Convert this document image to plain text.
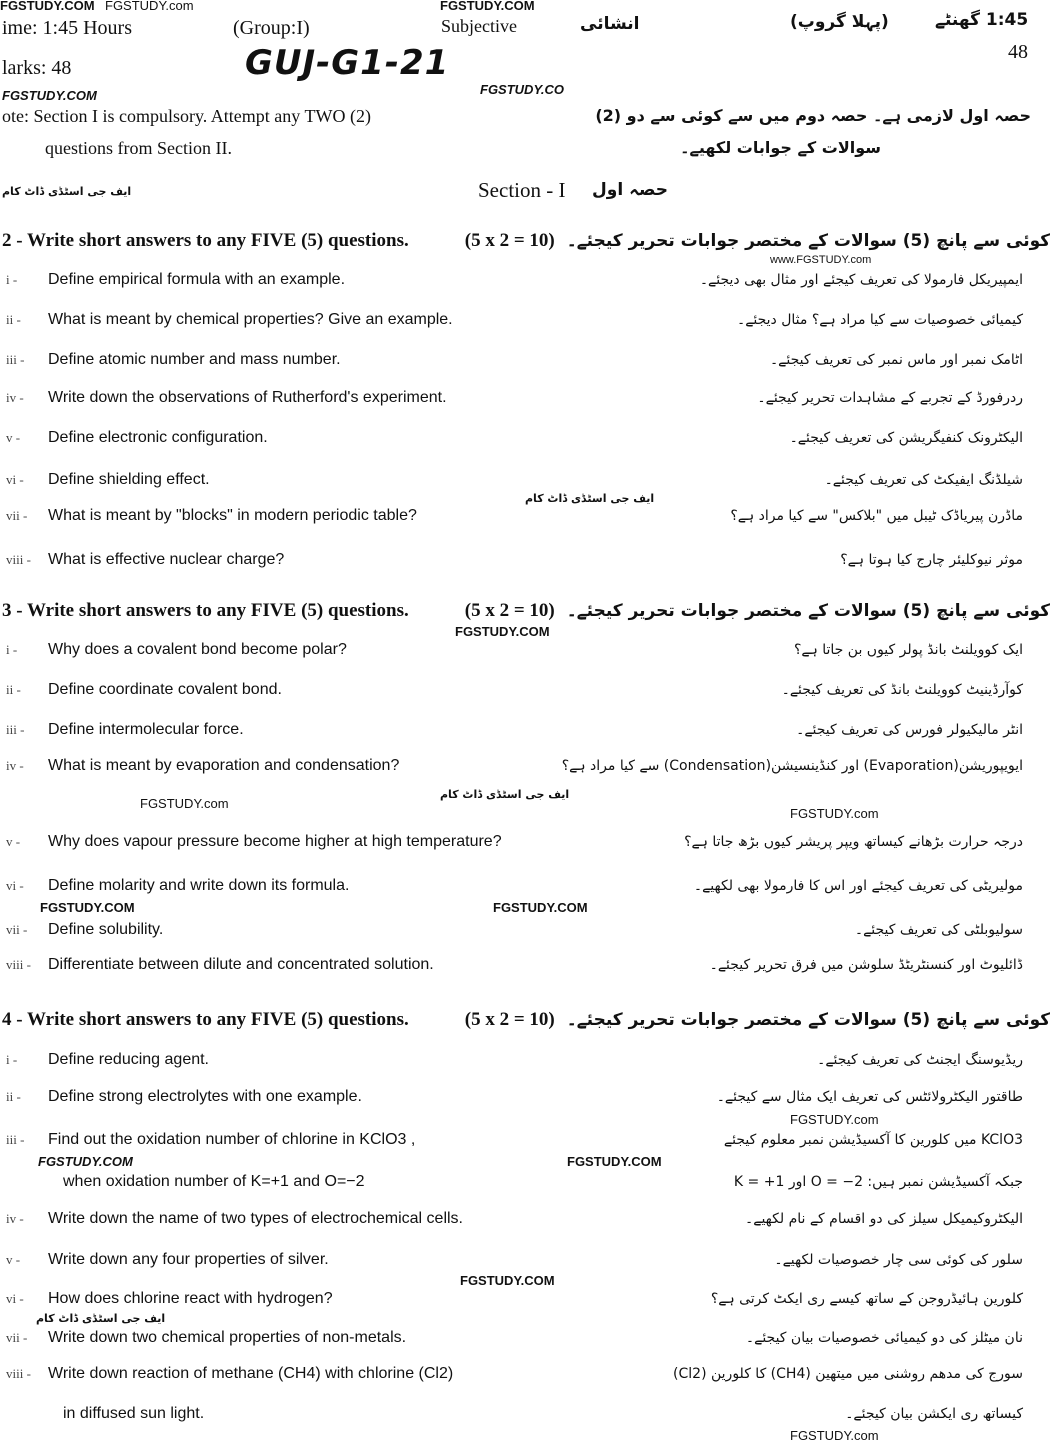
FGSTUDY.COM FGSTUDY.com	FGSTUDY.COM
FGSTUDY.COM	FGSTUDY.CO
www.FGSTUDY.com
FGSTUDY.COM
FGSTUDY.com
FGSTUDY.com
FGSTUDY.COM	FGSTUDY.COM
FGSTUDY.com
FGSTUDY.COM	FGSTUDY.COM
FGSTUDY.COM
FGSTUDY.com
ایف جی اسٹڈی ڈاٹ کام
ایف جی اسٹڈی ڈاٹ کام
ایف جی اسٹڈی ڈاٹ کام
ایف جی اسٹڈی ڈاٹ کام
ime: 1:45 Hours	(Group:I)	Subjective	انشائی	(پہلا گروپ)	1:45 گھنٹے
48
larks: 48	GUJ-G1-21
ote: Section I is compulsory. Attempt any TWO (2)	حصہ اول لازمی ہے۔ حصہ دوم میں سے کوئی سے دو (2)
questions from Section II.	سوالات کے جوابات لکھیے۔
Section - I حصہ اول
2 - Write short answers to any FIVE (5) questions.	(5 x 2 = 10) کوئی سے پانچ (5) سوالات کے مختصر جوابات تحریر کیجئے۔
i -	Define empirical formula with an example.	ایمپیریکل فارمولا کی تعریف کیجئے اور مثال بھی دیجئے۔
ii -	What is meant by chemical properties? Give an example.	کیمیائی خصوصیات سے کیا مراد ہے؟ مثال دیجئے۔
iii -	Define atomic number and mass number.	اٹامک نمبر اور ماس نمبر کی تعریف کیجئے۔
iv -	Write down the observations of Rutherford's experiment.	ردرفورڈ کے تجربے کے مشاہدات تحریر کیجئے۔
v -	Define electronic configuration.	الیکٹرونک کنفیگریشن کی تعریف کیجئے۔
vi -	Define shielding effect.	شیلڈنگ ایفیکٹ کی تعریف کیجئے۔
vii -	What is meant by "blocks" in modern periodic table?	ماڈرن پیریاڈک ٹیبل میں "بلاکس" سے کیا مراد ہے؟
viii -	What is effective nuclear charge?	موثر نیوکلیئر چارج کیا ہوتا ہے؟
3 - Write short answers to any FIVE (5) questions.	(5 x 2 = 10) کوئی سے پانچ (5) سوالات کے مختصر جوابات تحریر کیجئے۔
i -	Why does a covalent bond become polar?	ایک کوویلنٹ بانڈ پولر کیوں بن جاتا ہے؟
ii -	Define coordinate covalent bond.	کوآرڈینیٹ کوویلنٹ بانڈ کی تعریف کیجئے۔
iii -	Define intermolecular force.	انٹر مالیکیولر فورس کی تعریف کیجئے۔
iv -	What is meant by evaporation and condensation?	ایویپوریشن(Evaporation) اور کنڈینسیشن(Condensation) سے کیا مراد ہے؟
v -	Why does vapour pressure become higher at high temperature?	درجہ حرارت بڑھانے کیساتھ ویپر پریشر کیوں بڑھ جاتا ہے؟
vi -	Define molarity and write down its formula.	مولیریٹی کی تعریف کیجئے اور اس کا فارمولا بھی لکھیے۔
vii -	Define solubility.	سولیوبلٹی کی تعریف کیجئے۔
viii -	Differentiate between dilute and concentrated solution.	ڈائلیوٹ اور کنسنٹریٹڈ سلوشن میں فرق تحریر کیجئے۔
4 - Write short answers to any FIVE (5) questions.	(5 x 2 = 10) کوئی سے پانچ (5) سوالات کے مختصر جوابات تحریر کیجئے۔
i -	Define reducing agent.	ریڈیوسنگ ایجنٹ کی تعریف کیجئے۔
ii -	Define strong electrolytes with one example.	طاقتور الیکٹرولائٹس کی تعریف ایک مثال سے کیجئے۔
iii -	Find out the oxidation number of chlorine in KClO3 ,	KClO3 میں کلورین کا آکسیڈیشن نمبر معلوم کیجئے
when oxidation number of K=+1 and O=−2	جبکہ آکسیڈیشن نمبر ہیں: O = −2 اور K = +1
iv -	Write down the name of two types of electrochemical cells.	الیکٹروکیمیکل سیلز کی دو اقسام کے نام لکھیے۔
v -	Write down any four properties of silver.	سلور کی کوئی سی چار خصوصیات لکھیے۔
vi -	How does chlorine react with hydrogen?	کلورین ہائیڈروجن کے ساتھ کیسے ری ایکٹ کرتی ہے؟
vii -	Write down two chemical properties of non-metals.	نان میٹلز کی دو کیمیائی خصوصیات بیان کیجئے۔
viii -	Write down reaction of methane (CH4) with chlorine (Cl2)	سورج کی مدھم روشنی میں میتھین (CH4) کا کلورین (Cl2)
in diffused sun light.	کیساتھ ری ایکشن بیان کیجئے۔
